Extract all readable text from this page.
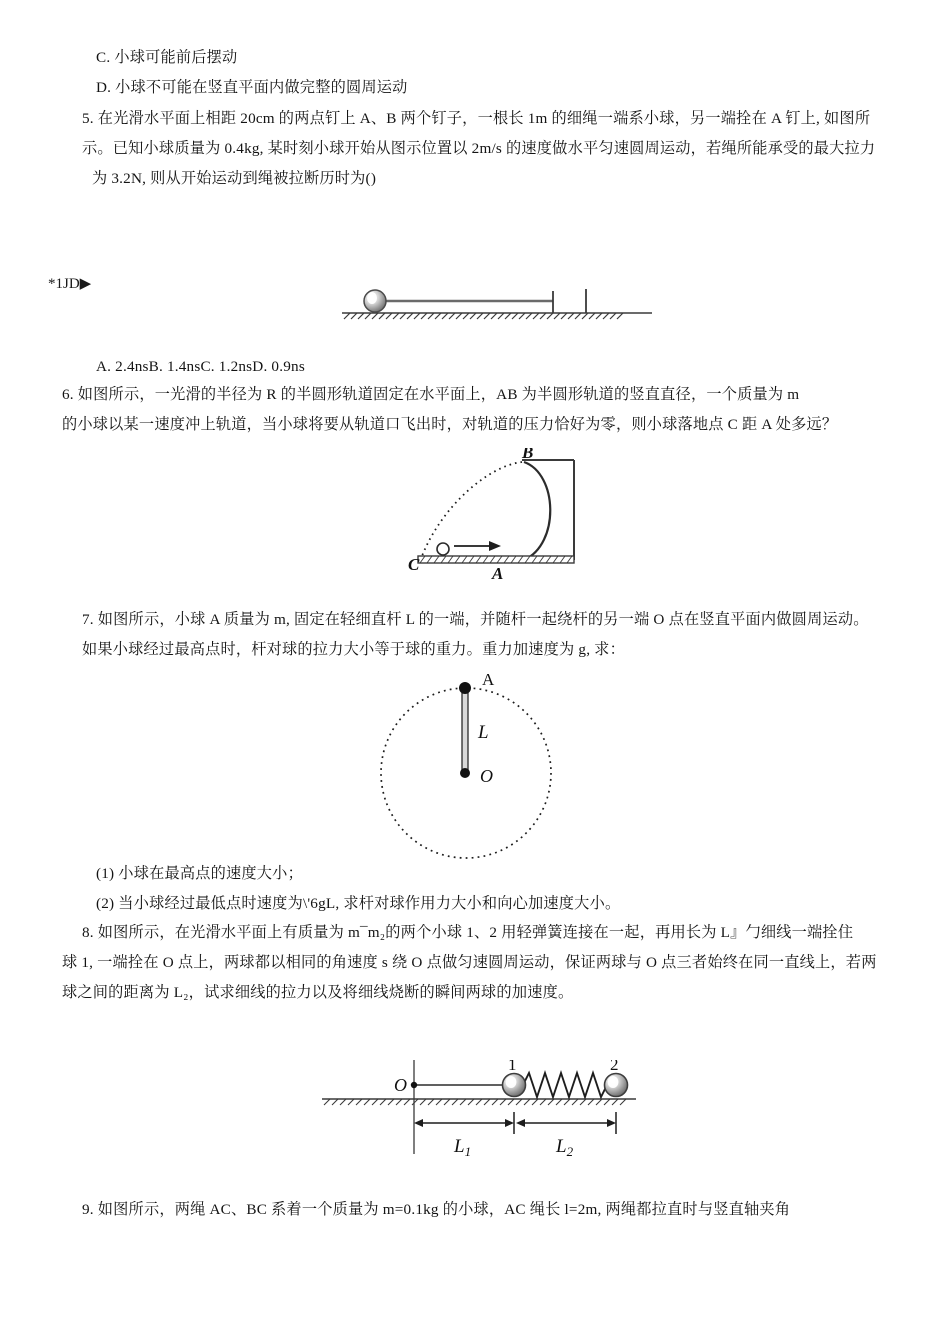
C. 小球可能前后摆动
D. 小球不可能在竖直平面内做完整的圆周运动
5. 在光滑水平面上相距 20cm 的两点钉上 A、B 两个钉子，一根长 1m 的细绳一端系小球，另一端拴在 A 钉上, 如图所
示。已知小球质量为 0.4kg, 某时刻小球开始从图示位置以 2m/s 的速度做水平匀速圆周运动，若绳所能承受的最大拉力
为 3.2N, 则从开始运动到绳被拉断历时为()
*1JD▶
A. 2.4nsB. 1.4nsC. 1.2nsD. 0.9ns
6. 如图所示，一光滑的半径为 R 的半圆形轨道固定在水平面上，AB 为半圆形轨道的竖直直径，一个质量为 m
的小球以某一速度冲上轨道，当小球将要从轨道口飞出时，对轨道的压力恰好为零，则小球落地点 C 距 A 处多远？
B
C	A
7. 如图所示，小球 A 质量为 m, 固定在轻细直杆 L 的一端，并随杆一起绕杆的另一端 O 点在竖直平面内做圆周运动。
如果小球经过最高点时，杆对球的拉力大小等于球的重力。重力加速度为 g, 求：
A
L
O
(1) 小球在最高点的速度大小；
(2) 当小球经过最低点时速度为\'6gL, 求杆对球作用力大小和向心加速度大小。
8. 如图所示，在光滑水平面上有质量为 m¯m₂的两个小球 1、2 用轻弹簧连接在一起，再用长为 L』勹细线一端拴住
球 1, 一端拴在 O 点上，两球都以相同的角速度 s 绕 O 点做匀速圆周运动，保证两球与 O 点三者始终在同一直线上，若两
球之间的距离为 L₂，试求细线的拉力以及将细线烧断的瞬间两球的加速度。
O
1	2
$L_1$	$L_2$
9. 如图所示，两绳 AC、BC 系着一个质量为 m=0.1kg 的小球，AC 绳长 l=2m, 两绳都拉直时与竖直轴夹角
